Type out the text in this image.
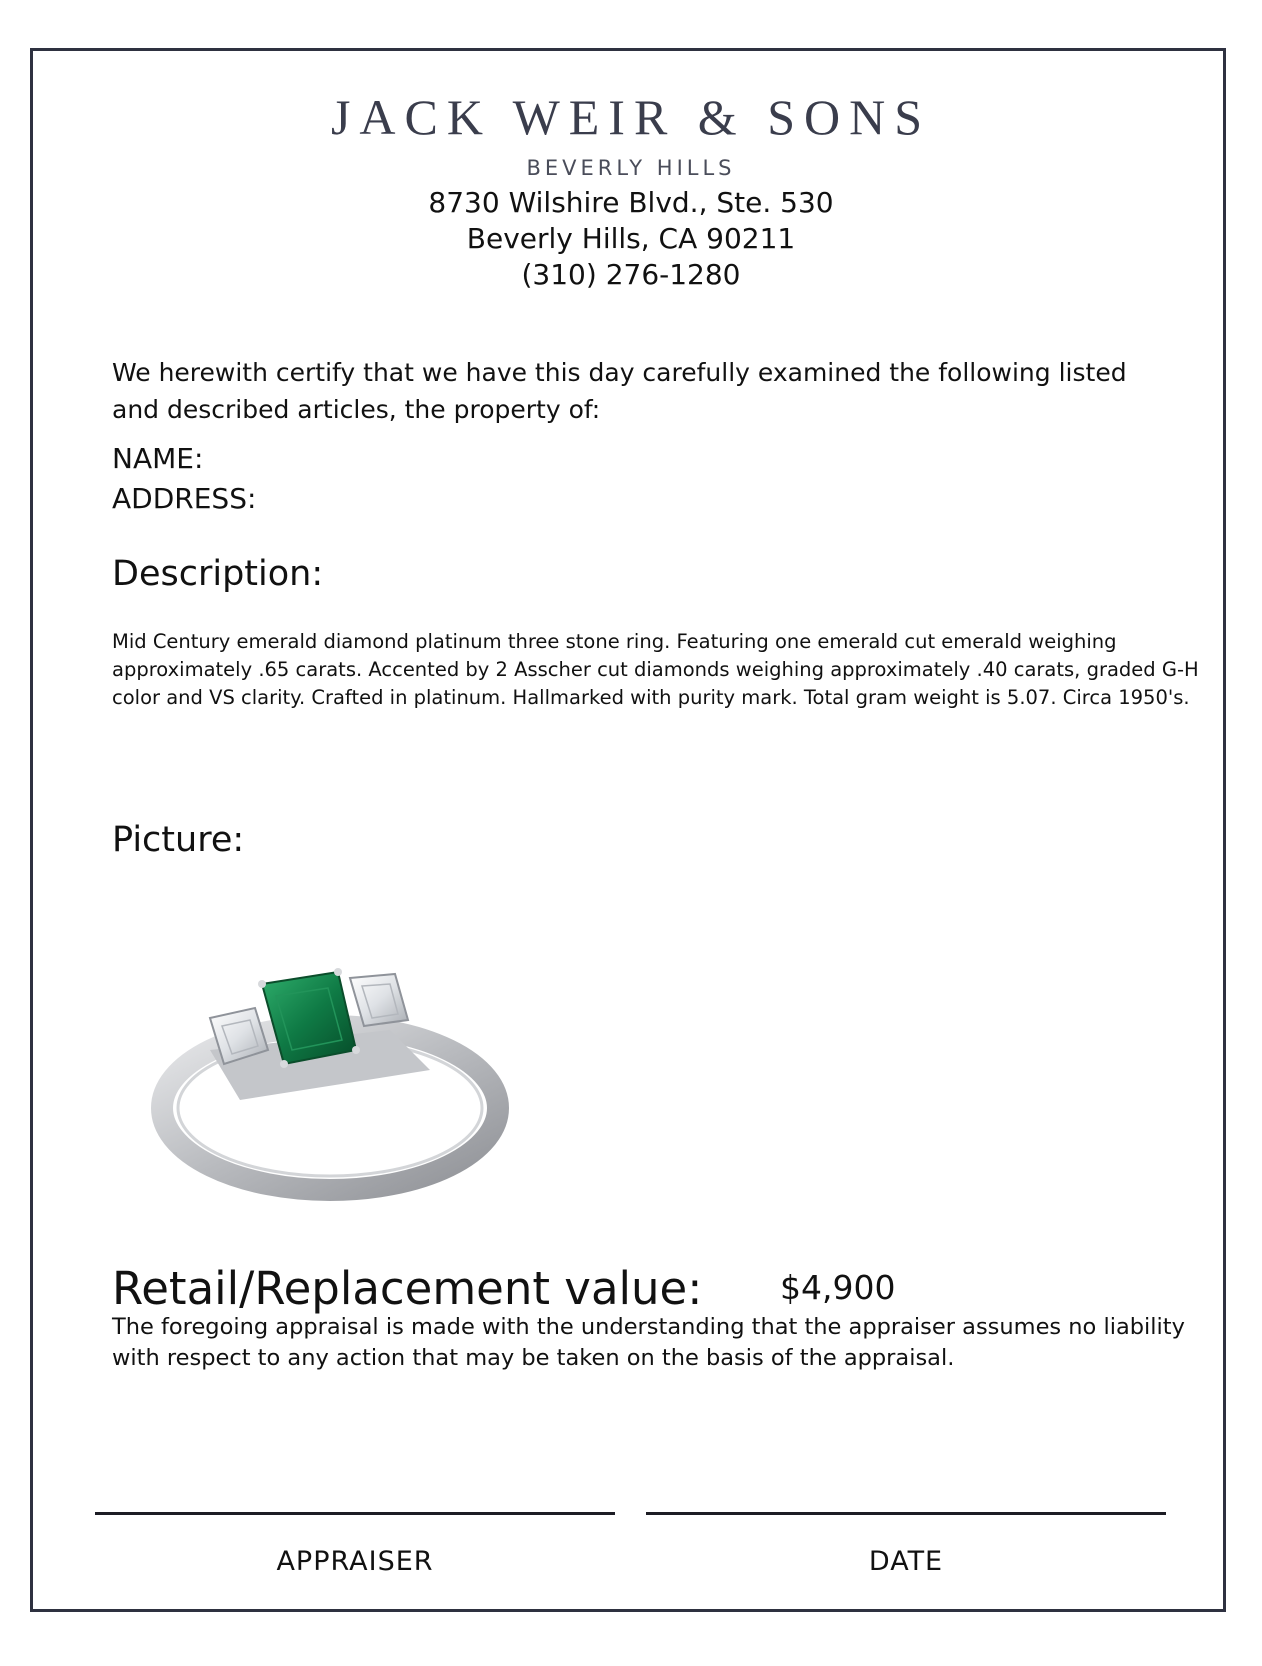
JACK WEIR & SONS
BEVERLY HILLS
8730 Wilshire Blvd., Ste. 530
Beverly Hills, CA 90211
(310) 276-1280
We herewith certify that we have this day carefully examined the following listed and described articles, the property of:
NAME:
ADDRESS:
Description:
Mid Century emerald diamond platinum three stone ring. Featuring one emerald cut emerald weighing approximately .65 carats. Accented by 2 Asscher cut diamonds weighing approximately .40 carats, graded G-H color and VS clarity. Crafted in platinum. Hallmarked with purity mark. Total gram weight is 5.07. Circa 1950's.
Picture:
Retail/Replacement value: $4,900
The foregoing appraisal is made with the understanding that the appraiser assumes no liability with respect to any action that may be taken on the basis of the appraisal.
APPRAISER	DATE
